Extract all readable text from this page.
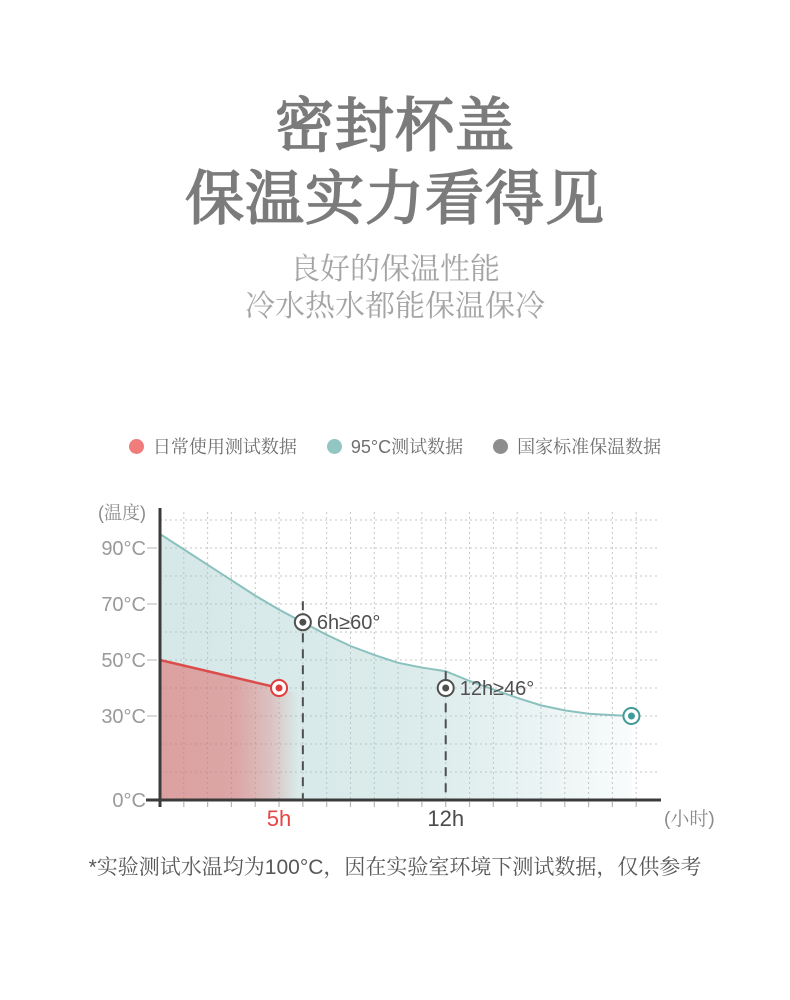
密封杯盖
保温实力看得见
良好的保温性能
冷水热水都能保温保冷
日常使用测试数据	95°C测试数据	国家标准保温数据
90°C
70°C
50°C
30°C
0°C
5h	12h
(温度)
(小时)
6h≥60°
12h≥46°
*实验测试水温均为100°C，因在实验室环境下测试数据，仅供参考
